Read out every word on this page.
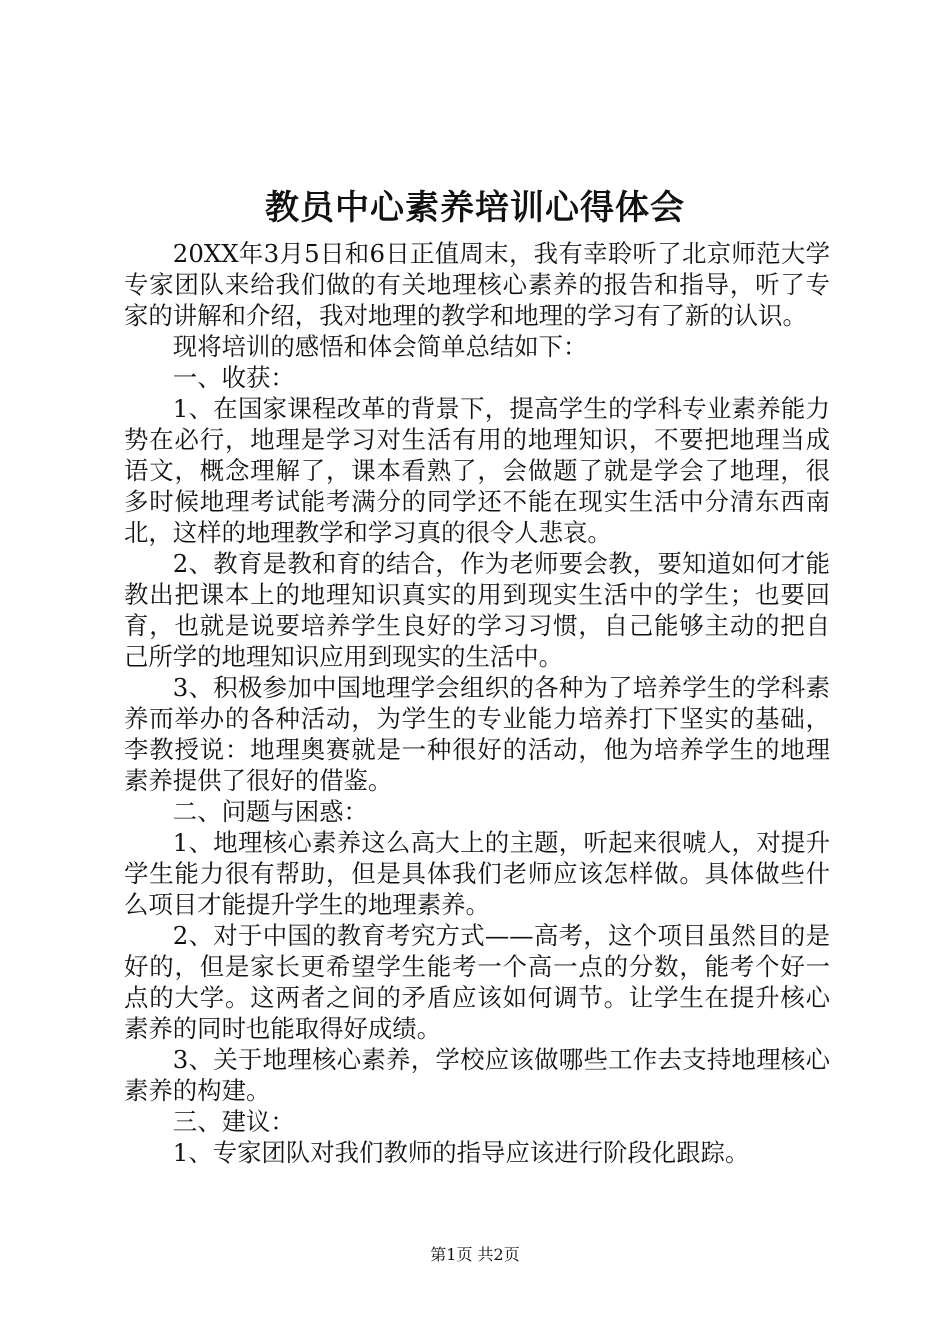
教员中心素养培训心得体会

20XX年3月5日和6日正值周末，我有幸聆听了北京师范大学专家团队来给我们做的有关地理核心素养的报告和指导，听了专家的讲解和介绍，我对地理的教学和地理的学习有了新的认识。

现将培训的感悟和体会简单总结如下：

一、收获：

1、在国家课程改革的背景下，提高学生的学科专业素养能力势在必行，地理是学习对生活有用的地理知识，不要把地理当成语文，概念理解了，课本看熟了，会做题了就是学会了地理，很多时候地理考试能考满分的同学还不能在现实生活中分清东西南北，这样的地理教学和学习真的很令人悲哀。

2、教育是教和育的结合，作为老师要会教，要知道如何才能教出把课本上的地理知识真实的用到现实生活中的学生；也要回育，也就是说要培养学生良好的学习习惯，自己能够主动的把自己所学的地理知识应用到现实的生活中。

3、积极参加中国地理学会组织的各种为了培养学生的学科素养而举办的各种活动，为学生的专业能力培养打下坚实的基础，李教授说：地理奥赛就是一种很好的活动，他为培养学生的地理素养提供了很好的借鉴。

二、问题与困惑：

1、地理核心素养这么高大上的主题，听起来很唬人，对提升学生能力很有帮助，但是具体我们老师应该怎样做。具体做些什么项目才能提升学生的地理素养。

2、对于中国的教育考究方式——高考，这个项目虽然目的是好的，但是家长更希望学生能考一个高一点的分数，能考个好一点的大学。这两者之间的矛盾应该如何调节。让学生在提升核心素养的同时也能取得好成绩。

3、关于地理核心素养，学校应该做哪些工作去支持地理核心素养的构建。

三、建议：

1、专家团队对我们教师的指导应该进行阶段化跟踪。

第1页 共2页
